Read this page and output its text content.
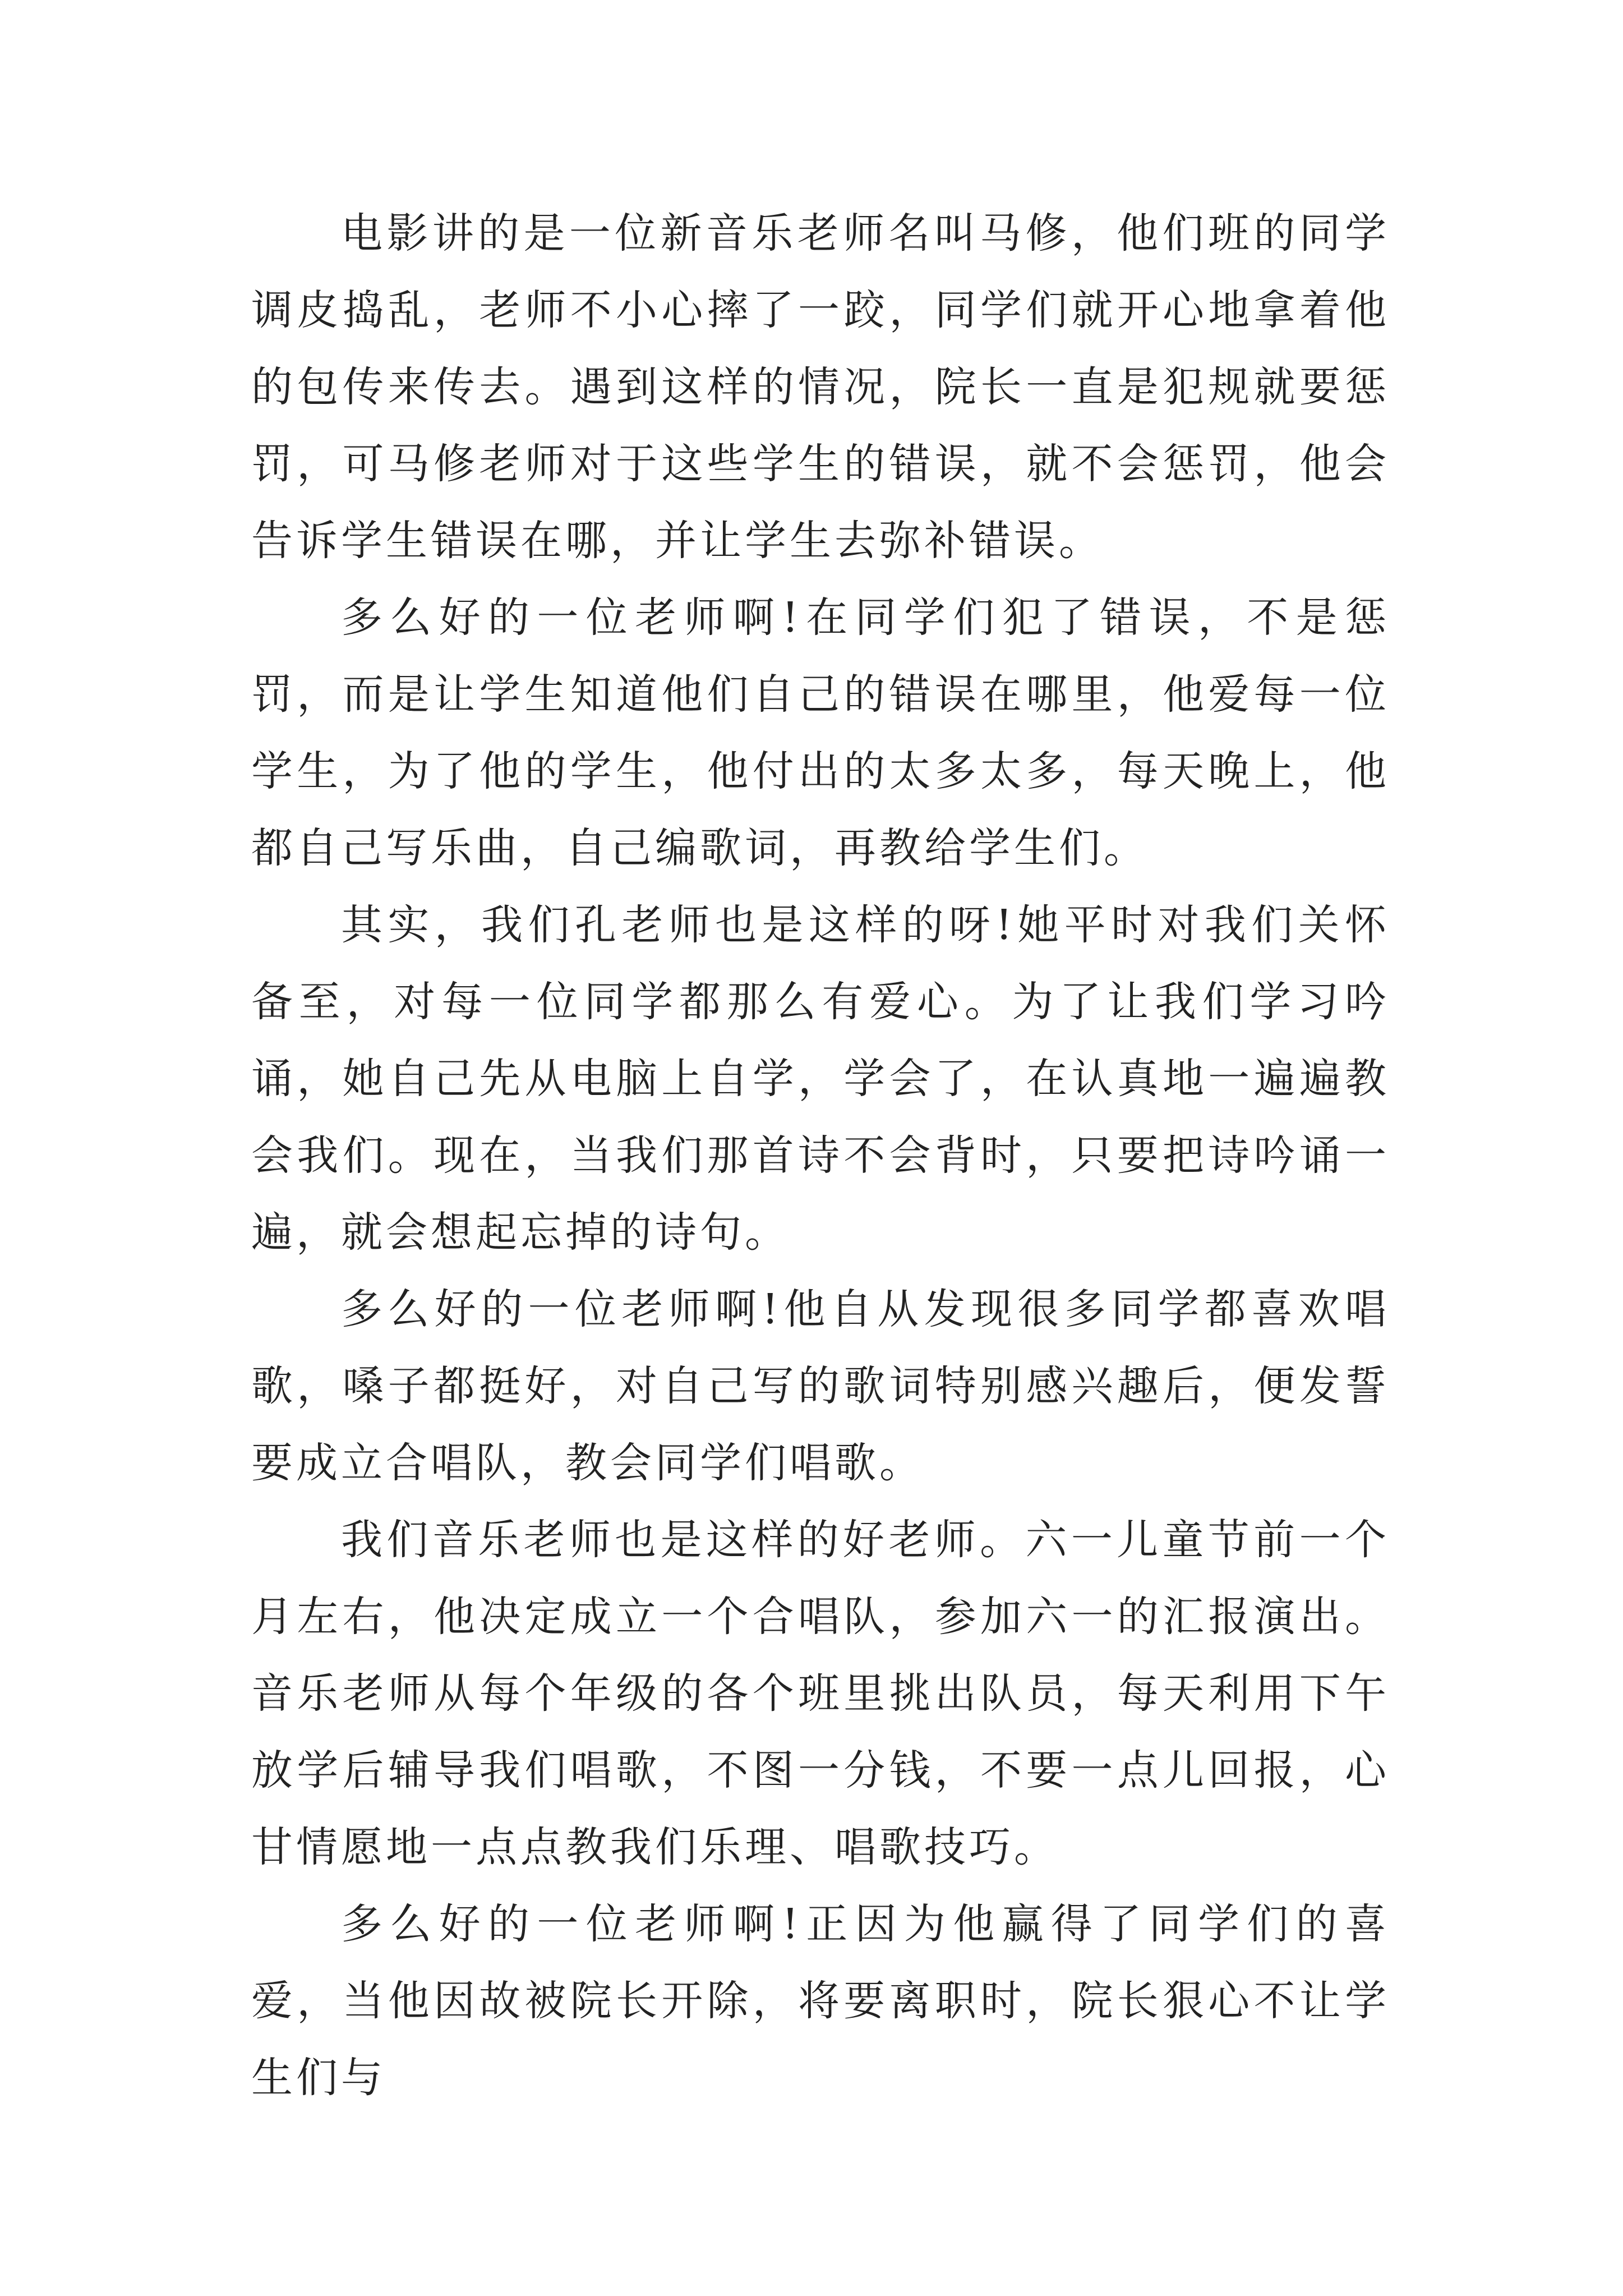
电影讲的是一位新音乐老师名叫马修，他们班的同学调皮捣乱，老师不小心摔了一跤，同学们就开心地拿着他的包传来传去。遇到这样的情况，院长一直是犯规就要惩罚，可马修老师对于这些学生的错误，就不会惩罚，他会告诉学生错误在哪，并让学生去弥补错误。

多么好的一位老师啊!在同学们犯了错误，不是惩罚，而是让学生知道他们自己的错误在哪里，他爱每一位学生，为了他的学生，他付出的太多太多，每天晚上，他都自己写乐曲，自己编歌词，再教给学生们。

其实，我们孔老师也是这样的呀!她平时对我们关怀备至，对每一位同学都那么有爱心。为了让我们学习吟诵，她自己先从电脑上自学，学会了，在认真地一遍遍教会我们。现在，当我们那首诗不会背时，只要把诗吟诵一遍，就会想起忘掉的诗句。

多么好的一位老师啊!他自从发现很多同学都喜欢唱歌，嗓子都挺好，对自己写的歌词特别感兴趣后，便发誓要成立合唱队，教会同学们唱歌。

我们音乐老师也是这样的好老师。六一儿童节前一个月左右，他决定成立一个合唱队，参加六一的汇报演出。音乐老师从每个年级的各个班里挑出队员，每天利用下午放学后辅导我们唱歌，不图一分钱，不要一点儿回报，心甘情愿地一点点教我们乐理、唱歌技巧。

多么好的一位老师啊!正因为他赢得了同学们的喜爱，当他因故被院长开除，将要离职时，院长狠心不让学生们与
